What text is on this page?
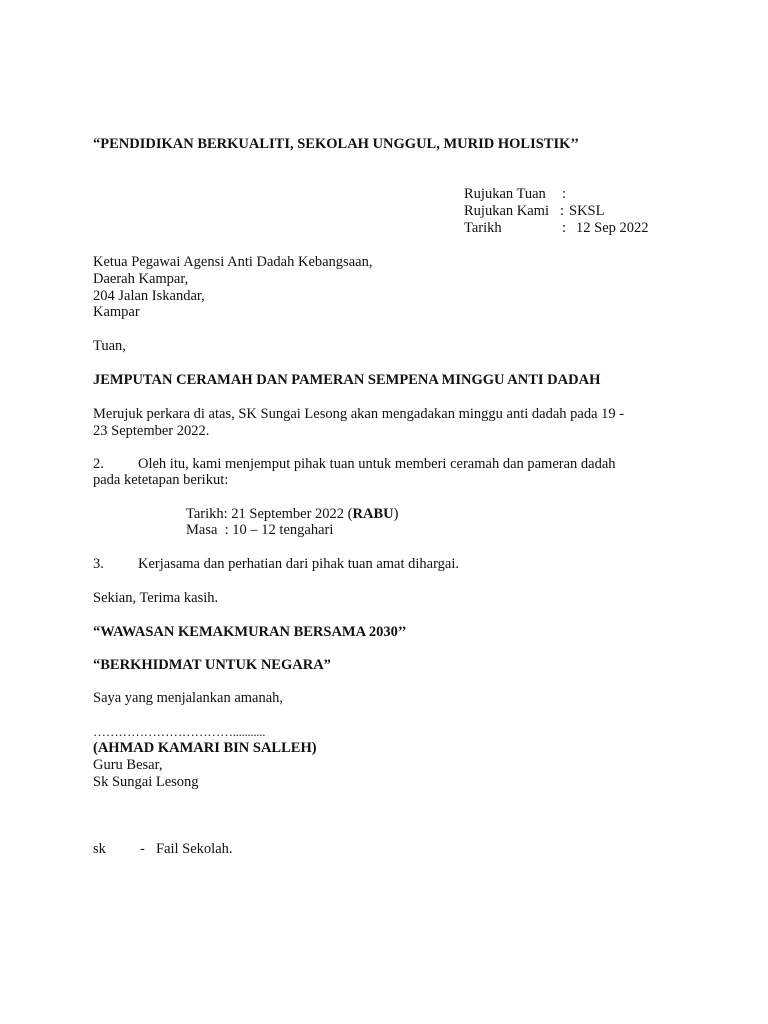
“PENDIDIKAN BERKUALITI, SEKOLAH UNGGUL, MURID HOLISTIK’’
Rujukan Tuan :
Rujukan Kami : SKSL
Tarikh	: 12 Sep 2022
Ketua Pegawai Agensi Anti Dadah Kebangsaan,
Daerah Kampar,
204 Jalan Iskandar,
Kampar
Tuan,
JEMPUTAN CERAMAH DAN PAMERAN SEMPENA MINGGU ANTI DADAH
Merujuk perkara di atas, SK Sungai Lesong akan mengadakan minggu anti dadah pada 19 -
23 September 2022.
2. Oleh itu, kami menjemput pihak tuan untuk memberi ceramah dan pameran dadah
pada ketetapan berikut:
Tarikh: 21 September 2022 (RABU)
Masa  : 10 – 12 tengahari
3. Kerjasama dan perhatian dari pihak tuan amat dihargai.
Sekian, Terima kasih.
“WAWASAN KEMAKMURAN BERSAMA 2030’’
“BERKHIDMAT UNTUK NEGARA”
Saya yang menjalankan amanah,
……………………………...........
(AHMAD KAMARI BIN SALLEH)
Guru Besar,
Sk Sungai Lesong
sk - Fail Sekolah.
